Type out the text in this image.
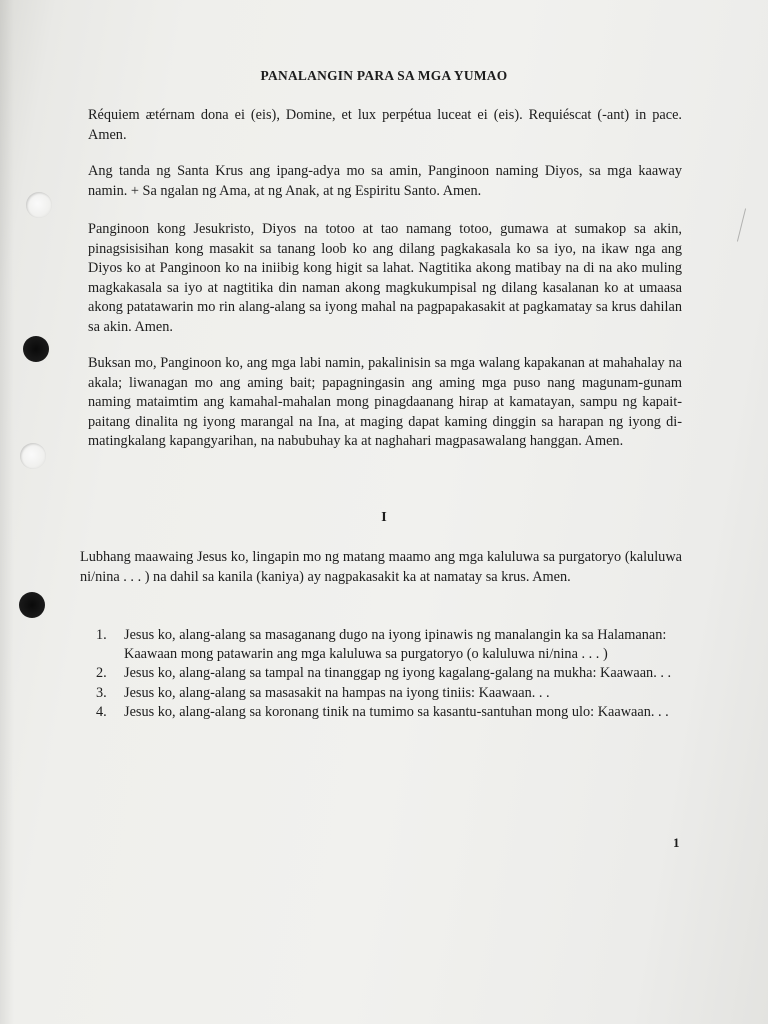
PANALANGIN PARA SA MGA YUMAO

Réquiem ætérnam dona ei (eis), Domine, et lux perpétua luceat ei (eis). Requiéscat (-ant) in pace. Amen.

Ang tanda ng Santa Krus ang ipang-adya mo sa amin, Panginoon naming Diyos, sa mga kaaway namin. + Sa ngalan ng Ama, at ng Anak, at ng Espiritu Santo. Amen.

Panginoon kong Jesukristo, Diyos na totoo at tao namang totoo, gumawa at sumakop sa akin, pinagsisisihan kong masakit sa tanang loob ko ang dilang pagkakasala ko sa iyo, na ikaw nga ang Diyos ko at Panginoon ko na iniibig kong higit sa lahat. Nagtitika akong matibay na di na ako muling magkakasala sa iyo at nagtitika din naman akong magkukumpisal ng dilang kasalanan ko at umaasa akong patatawarin mo rin alang-alang sa iyong mahal na pagpapakasakit at pagkamatay sa krus dahilan sa akin. Amen.

Buksan mo, Panginoon ko, ang mga labi namin, pakalinisin sa mga walang kapakanan at mahahalay na akala; liwanagan mo ang aming bait; papagningasin ang aming mga puso nang magunam-gunam naming mataimtim ang kamahal-mahalan mong pinagdaanang hirap at kamatayan, sampu ng kapait-paitang dinalita ng iyong marangal na Ina, at maging dapat kaming dinggin sa harapan ng iyong di-matingkalang kapangyarihan, na nabubuhay ka at naghahari magpasawalang hanggan. Amen.

I

Lubhang maawaing Jesus ko, lingapin mo ng matang maamo ang mga kaluluwa sa purgatoryo (kaluluwa ni/nina . . . ) na dahil sa kanila (kaniya) ay nagpakasakit ka at namatay sa krus. Amen.

1.	Jesus ko, alang-alang sa masaganang dugo na iyong ipinawis ng manalangin ka sa Halamanan:
Kaawaan mong patawarin ang mga kaluluwa sa purgatoryo (o kaluluwa ni/nina . . . )
2.	Jesus ko, alang-alang sa tampal na tinanggap ng iyong kagalang-galang na mukha: Kaawaan. . .
3.	Jesus ko, alang-alang sa masasakit na hampas na iyong tiniis: Kaawaan. . .
4.	Jesus ko, alang-alang sa koronang tinik na tumimo sa kasantu-santuhan mong ulo: Kaawaan. . .
1
